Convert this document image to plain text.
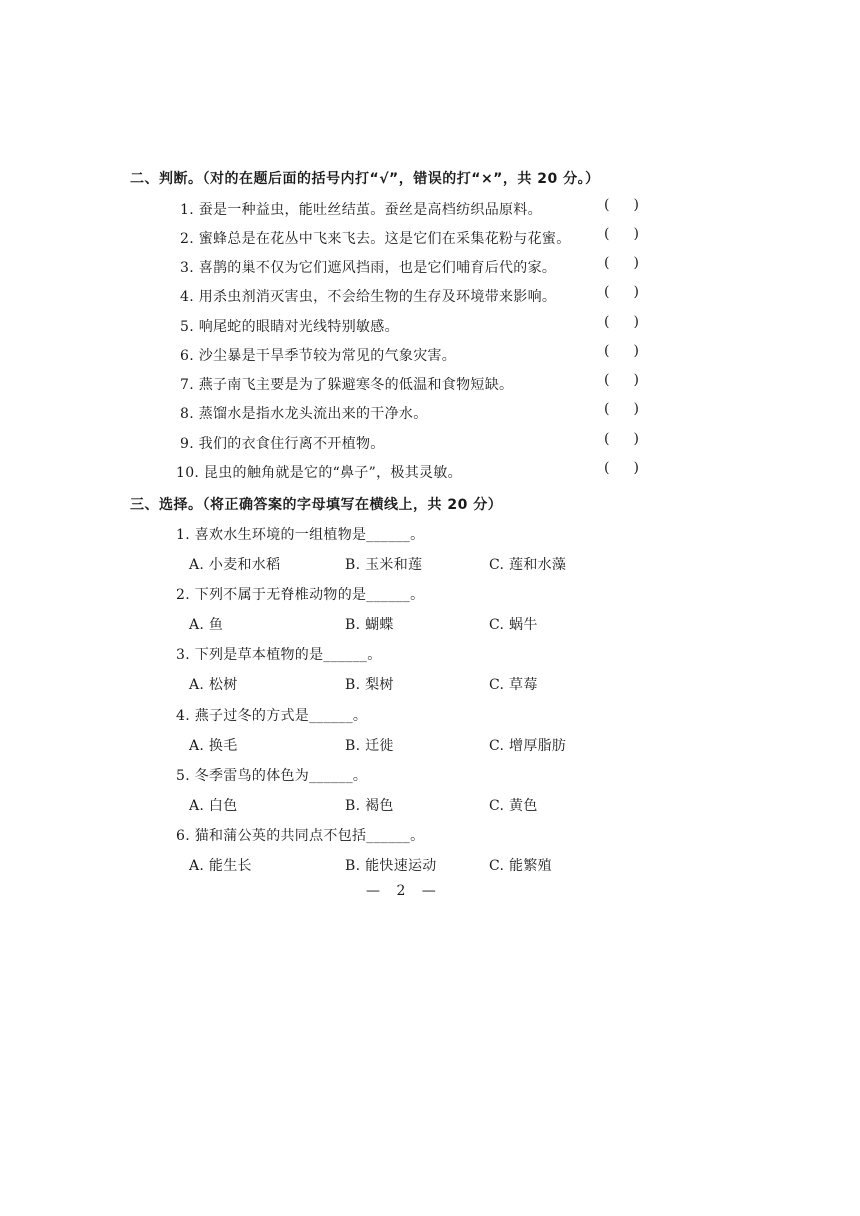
二、判断。（对的在题后面的括号内打“√”，错误的打“×”，共 20 分。）
1. 蚕是一种益虫，能吐丝结茧。蚕丝是高档纺织品原料。	( )
2. 蜜蜂总是在花丛中飞来飞去。这是它们在采集花粉与花蜜。 ( )
3. 喜鹊的巢不仅为它们遮风挡雨，也是它们哺育后代的家。	( )
4. 用杀虫剂消灭害虫，不会给生物的生存及环境带来影响。	( )
5. 响尾蛇的眼睛对光线特别敏感。	( )
6. 沙尘暴是干旱季节较为常见的气象灾害。	( )
7. 燕子南飞主要是为了躲避寒冬的低温和食物短缺。	( )
8. 蒸馏水是指水龙头流出来的干净水。	( )
9. 我们的衣食住行离不开植物。	( )
10. 昆虫的触角就是它的“鼻子”，极其灵敏。	( )
三、选择。（将正确答案的字母填写在横线上，共 20 分）
1. 喜欢水生环境的一组植物是______。
A. 小麦和水稻	B. 玉米和莲	C. 莲和水藻
2. 下列不属于无脊椎动物的是______。
A. 鱼	B. 蝴蝶	C. 蜗牛
3. 下列是草本植物的是______。
A. 松树	B. 梨树	C. 草莓
4. 燕子过冬的方式是______。
A. 换毛	B. 迁徙	C. 增厚脂肪
5. 冬季雷鸟的体色为______。
A. 白色	B. 褐色	C. 黄色
6. 猫和蒲公英的共同点不包括______。
A. 能生长	B. 能快速运动	C. 能繁殖
— 2 —
